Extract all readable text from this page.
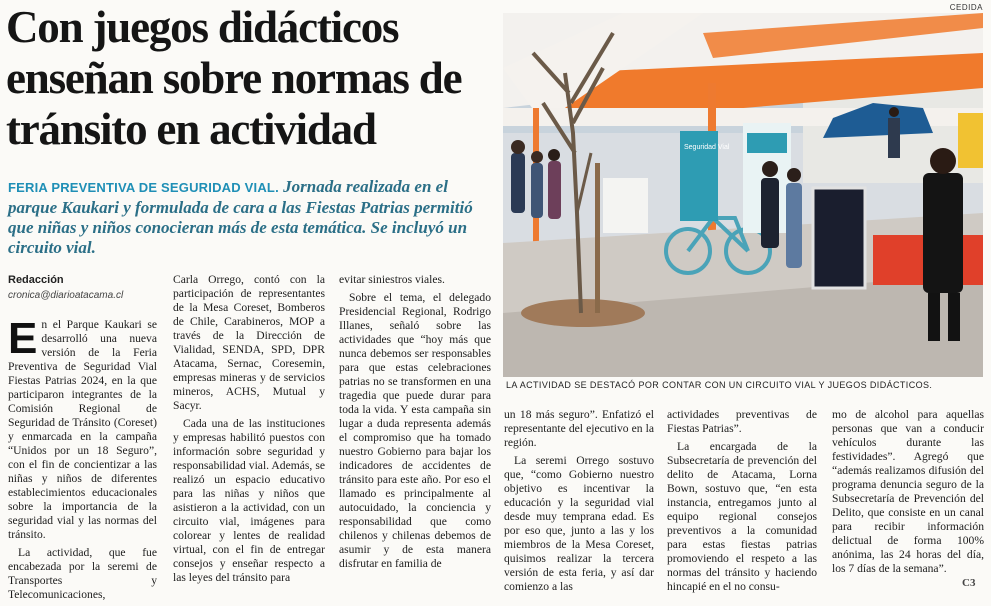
CEDIDA
Con juegos didácticos enseñan sobre normas de tránsito en actividad
FERIA PREVENTIVA DE SEGURIDAD VIAL. Jornada realizada en el parque Kaukari y formulada de cara a las Fiestas Patrias permitió que niñas y niños conocieran más de esta temática. Se incluyó un circuito vial.
Redacción
cronica@diarioatacama.cl
Seguridad Vial
LA ACTIVIDAD SE DESTACÓ POR CONTAR CON UN CIRCUITO VIAL Y JUEGOS DIDÁCTICOS.
E n el Parque Kaukari se desarrolló una nueva versión de la Feria Preventiva de Seguridad Vial Fiestas Patrias 2024, en la que participaron integrantes de la Comisión Regional de Seguridad de Tránsito (Coreset) y enmarcada en la campaña “Unidos por un 18 Seguro”, con el fin de concientizar a las niñas y niños de diferentes establecimientos educacionales sobre la importancia de la seguridad vial y las normas del tránsito.

La actividad, que fue encabezada por la seremi de Transportes y Telecomunicaciones,

Carla Orrego, contó con la participación de representantes de la Mesa Coreset, Bomberos de Chile, Carabineros, MOP a través de la Dirección de Vialidad, SENDA, SPD, DPR Atacama, Sernac, Coresemin, empresas mineras y de servicios mineros, ACHS, Mutual y Sacyr.

Cada una de las instituciones y empresas habilitó puestos con información sobre seguridad y responsabilidad vial. Además, se realizó un espacio educativo para las niñas y niños que asistieron a la actividad, con un circuito vial, imágenes para colorear y lentes de realidad virtual, con el fin de entregar consejos y enseñar respecto a las leyes del tránsito para

evitar siniestros viales.

Sobre el tema, el delegado Presidencial Regional, Rodrigo Illanes, señaló sobre las actividades que “hoy más que nunca debemos ser responsables para que estas celebraciones patrias no se transformen en una tragedia que puede durar para toda la vida. Y esta campaña sin lugar a duda representa además el compromiso que ha tomado nuestro Gobierno para bajar los indicadores de accidentes de tránsito para este año. Por eso el llamado es principalmente al autocuidado, la conciencia y responsabilidad que como chilenos y chilenas debemos de asumir y de esta manera disfrutar en familia de

un 18 más seguro”. Enfatizó el representante del ejecutivo en la región.

La seremi Orrego sostuvo que, “como Gobierno nuestro objetivo es incentivar la educación y la seguridad vial desde muy temprana edad. Es por eso que, junto a las y los miembros de la Mesa Coreset, quisimos realizar la tercera versión de esta feria, y así dar comienzo a las

actividades preventivas de Fiestas Patrias”.

La encargada de la Subsecretaría de prevención del delito de Atacama, Lorna Bown, sostuvo que, “en esta instancia, entregamos junto al equipo regional consejos preventivos a la comunidad para estas fiestas patrias promoviendo el respeto a las normas del tránsito y haciendo hincapié en el no consu-

mo de alcohol para aquellas personas que van a conducir vehículos durante las festividades”. Agregó que “además realizamos difusión del programa denuncia seguro de la Subsecretaría de Prevención del Delito, que consiste en un canal para recibir información delictual de forma 100% anónima, las 24 horas del día, los 7 días de la semana”.

C3
